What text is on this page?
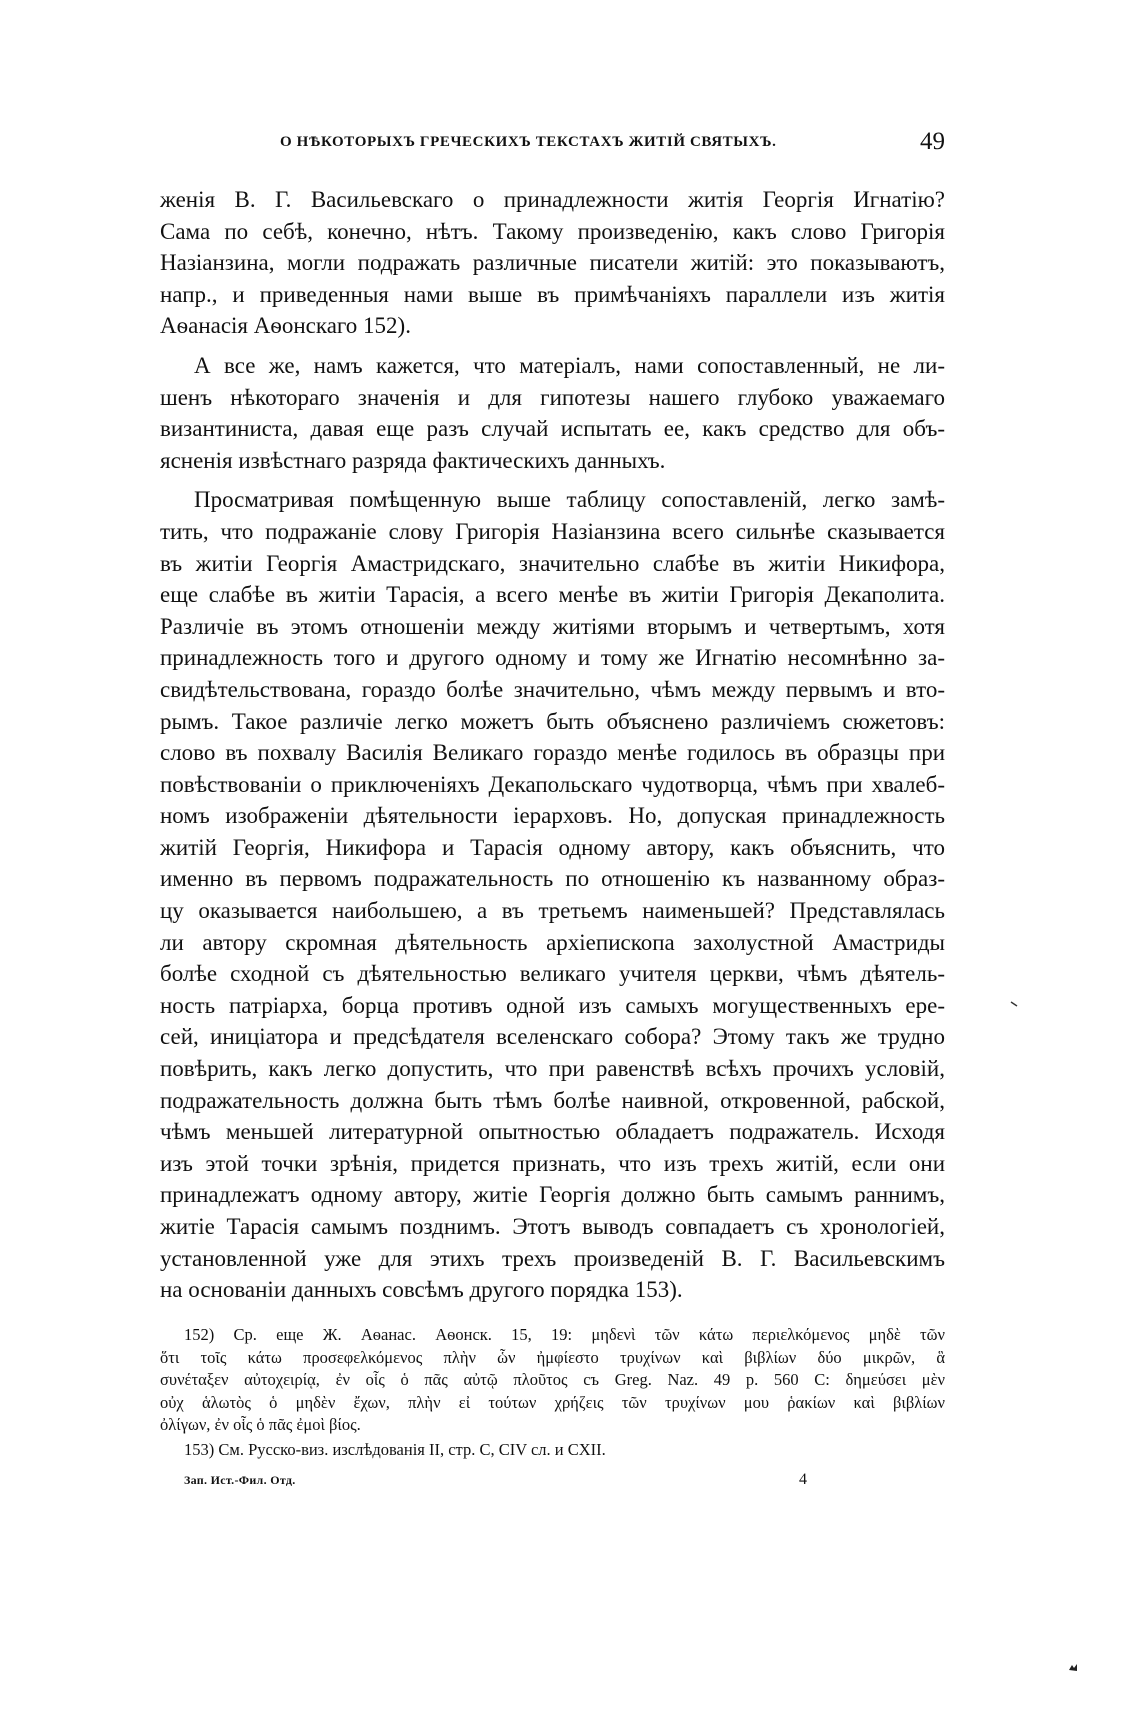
О НѢКОТОРЫХЪ ГРЕЧЕСКИХЪ ТЕКСТАХЪ ЖИТІЙ СВЯТЫХЪ.	49

женія В. Г. Васильевскаго о принадлежности житія Георгія Игнатію?
Сама по себѣ, конечно, нѣтъ. Такому произведенію, какъ слово Григорія
Назіанзина, могли подражать различные писатели житій: это показываютъ,
напр., и приведенныя нами выше въ примѣчаніяхъ параллели изъ житія
Аѳанасія Аѳонскаго 152).

А все же, намъ кажется, что матеріалъ, нами сопоставленный, не ли-
шенъ нѣкотораго значенія и для гипотезы нашего глубоко уважаемаго
византиниста, давая еще разъ случай испытать ее, какъ средство для объ-
ясненія извѣстнаго разряда фактическихъ данныхъ.

Просматривая помѣщенную выше таблицу сопоставленій, легко замѣ-
тить, что подражаніе слову Григорія Назіанзина всего сильнѣе сказывается
въ житіи Георгія Амастридскаго, значительно слабѣе въ житіи Никифора,
еще слабѣе въ житіи Тарасія, а всего менѣе въ житіи Григорія Декаполита.
Различіе въ этомъ отношеніи между житіями вторымъ и четвертымъ, хотя
принадлежность того и другого одному и тому же Игнатію несомнѣнно за-
свидѣтельствована, гораздо болѣе значительно, чѣмъ между первымъ и вто-
рымъ. Такое различіе легко можетъ быть объяснено различіемъ сюжетовъ:
слово въ похвалу Василія Великаго гораздо менѣе годилось въ образцы при
повѣствованіи о приключеніяхъ Декапольскаго чудотворца, чѣмъ при хвалеб-
номъ изображеніи дѣятельности іерарховъ. Но, допуская принадлежность
житій Георгія, Никифора и Тарасія одному автору, какъ объяснить, что
именно въ первомъ подражательность по отношенію къ названному образ-
цу оказывается наибольшею, а въ третьемъ наименьшей? Представлялась
ли автору скромная дѣятельность архіепископа захолустной Амастриды
болѣе сходной съ дѣятельностью великаго учителя церкви, чѣмъ дѣятель-
ность патріарха, борца противъ одной изъ самыхъ могущественныхъ ере-
сей, иниціатора и предсѣдателя вселенскаго собора? Этому такъ же трудно
повѣрить, какъ легко допустить, что при равенствѣ всѣхъ прочихъ условій,
подражательность должна быть тѣмъ болѣе наивной, откровенной, рабской,
чѣмъ меньшей литературной опытностью обладаетъ подражатель. Исходя
изъ этой точки зрѣнія, придется признать, что изъ трехъ житій, если они
принадлежатъ одному автору, житіе Георгія должно быть самымъ раннимъ,
житіе Тарасія самымъ позднимъ. Этотъ выводъ совпадаетъ съ хронологіей,
установленной уже для этихъ трехъ произведеній В. Г. Васильевскимъ
на основаніи данныхъ совсѣмъ другого порядка 153).

152) Ср. еще Ж. Аѳанас. Аѳонск. 15, 19: μηδενὶ τῶν κάτω περιελκόμενος μηδὲ τῶν
ὅτι τοῖς κάτω προσεφελκόμενος πλὴν ὧν ἠμφίεστο τρυχίνων καὶ βιβλίων δύο μικρῶν, ἃ
συνέταξεν αὐτοχειρίᾳ, ἐν οἷς ὁ πᾶς αὐτῷ πλοῦτος съ Greg. Naz. 49 p. 560 C: δημεύσει μὲν
οὐχ ἁλωτὸς ὁ μηδὲν ἔχων, πλὴν εἰ τούτων χρήζεις τῶν τρυχίνων μου ῥακίων καὶ βιβλίων
ὀλίγων, ἐν οἷς ὁ πᾶς ἐμοὶ βίος.
153) См. Русско-виз. изслѣдованія II, стр. C, CIV сл. и CXII.
Зап. Ист.-Фил. Отд.	4
